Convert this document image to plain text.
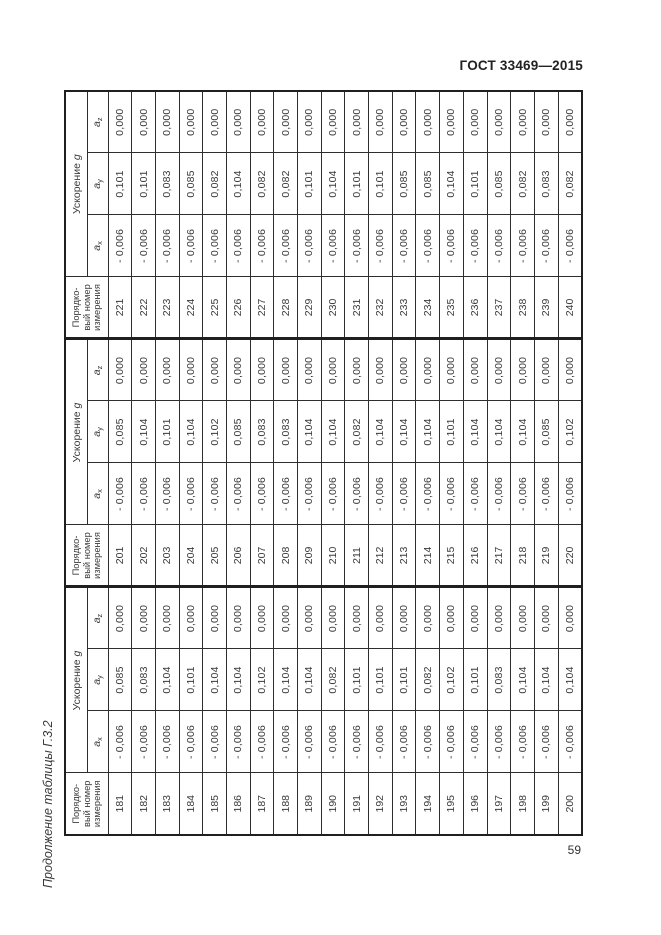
ГОСТ 33469—2015
Продолжение таблицы Г.3.2 Порядко-
вый номер
измерения	Ускорение g			Порядко-
вый номер
измерения	Ускорение g			Порядко-
вый номер
измерения	Ускорение g		
	$a_x$	$a_y$	$a_z$		$a_x$	$a_y$	$a_z$		$a_x$	$a_y$	$a_z$
181	- 0,006	0,085	0,000	201	- 0,006	0,085	0,000	221	- 0,006	0,101	0,000
182	- 0,006	0,083	0,000	202	- 0,006	0,104	0,000	222	- 0,006	0,101	0,000
183	- 0,006	0,104	0,000	203	- 0,006	0,101	0,000	223	- 0,006	0,083	0,000
184	- 0,006	0,101	0,000	204	- 0,006	0,104	0,000	224	- 0,006	0,085	0,000
185	- 0,006	0,104	0,000	205	- 0,006	0,102	0,000	225	- 0,006	0,082	0,000
186	- 0,006	0,104	0,000	206	- 0,006	0,085	0,000	226	- 0,006	0,104	0,000
187	- 0,006	0,102	0,000	207	- 0,006	0,083	0,000	227	- 0,006	0,082	0,000
188	- 0,006	0,104	0,000	208	- 0,006	0,083	0,000	228	- 0,006	0,082	0,000
189	- 0,006	0,104	0,000	209	- 0,006	0,104	0,000	229	- 0,006	0,101	0,000
190	- 0,006	0,082	0,000	210	- 0,006	0,104	0,000	230	- 0,006	0,104	0,000
191	- 0,006	0,101	0,000	211	- 0,006	0,082	0,000	231	- 0,006	0,101	0,000
192	- 0,006	0,101	0,000	212	- 0,006	0,104	0,000	232	- 0,006	0,101	0,000
193	- 0,006	0,101	0,000	213	- 0,006	0,104	0,000	233	- 0,006	0,085	0,000
194	- 0,006	0,082	0,000	214	- 0,006	0,104	0,000	234	- 0,006	0,085	0,000
195	- 0,006	0,102	0,000	215	- 0,006	0,101	0,000	235	- 0,006	0,104	0,000
196	- 0,006	0,101	0,000	216	- 0,006	0,104	0,000	236	- 0,006	0,101	0,000
197	- 0,006	0,083	0,000	217	- 0,006	0,104	0,000	237	- 0,006	0,085	0,000
198	- 0,006	0,104	0,000	218	- 0,006	0,104	0,000	238	- 0,006	0,082	0,000
199	- 0,006	0,104	0,000	219	- 0,006	0,085	0,000	239	- 0,006	0,083	0,000
200	- 0,006	0,104	0,000	220	- 0,006	0,102	0,000	240	- 0,006	0,082	0,000
59
